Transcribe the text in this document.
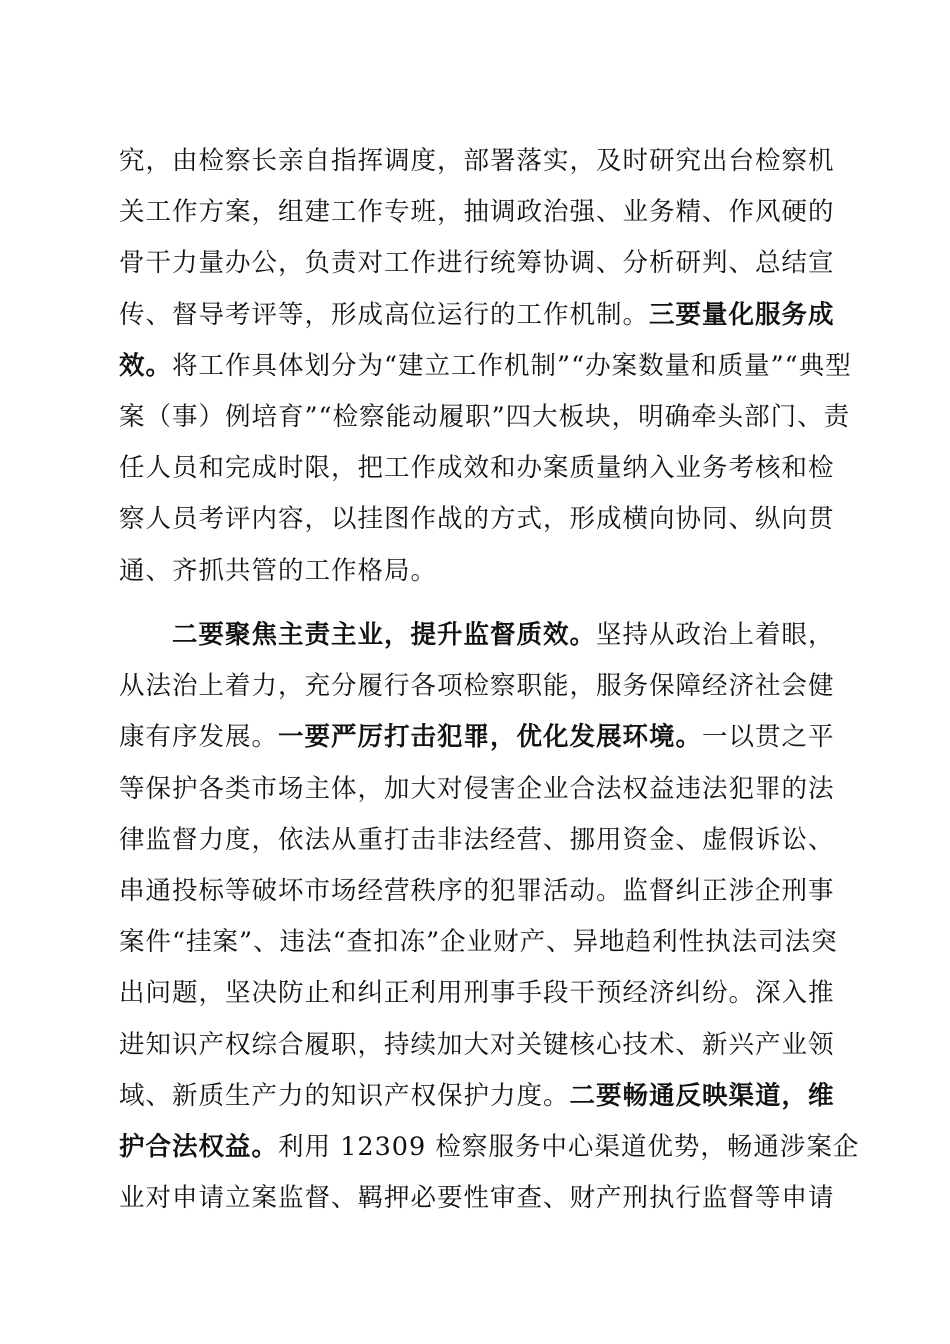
究，由检察长亲自指挥调度，部署落实，及时研究出台检察机
关工作方案，组建工作专班，抽调政治强、业务精、作风硬的
骨干力量办公，负责对工作进行统筹协调、分析研判、总结宣
传、督导考评等，形成高位运行的工作机制。三要量化服务成
效。将工作具体划分为“建立工作机制”“办案数量和质量”“典型
案（事）例培育”“检察能动履职”四大板块，明确牵头部门、责
任人员和完成时限，把工作成效和办案质量纳入业务考核和检
察人员考评内容，以挂图作战的方式，形成横向协同、纵向贯
通、齐抓共管的工作格局。
　　二要聚焦主责主业，提升监督质效。坚持从政治上着眼，
从法治上着力，充分履行各项检察职能，服务保障经济社会健
康有序发展。一要严厉打击犯罪，优化发展环境。一以贯之平
等保护各类市场主体，加大对侵害企业合法权益违法犯罪的法
律监督力度，依法从重打击非法经营、挪用资金、虚假诉讼、
串通投标等破坏市场经营秩序的犯罪活动。监督纠正涉企刑事
案件“挂案”、违法“查扣冻”企业财产、异地趋利性执法司法突
出问题，坚决防止和纠正利用刑事手段干预经济纠纷。深入推
进知识产权综合履职，持续加大对关键核心技术、新兴产业领
域、新质生产力的知识产权保护力度。二要畅通反映渠道，维
护合法权益。利用 12309 检察服务中心渠道优势，畅通涉案企
业对申请立案监督、羁押必要性审查、财产刑执行监督等申请
